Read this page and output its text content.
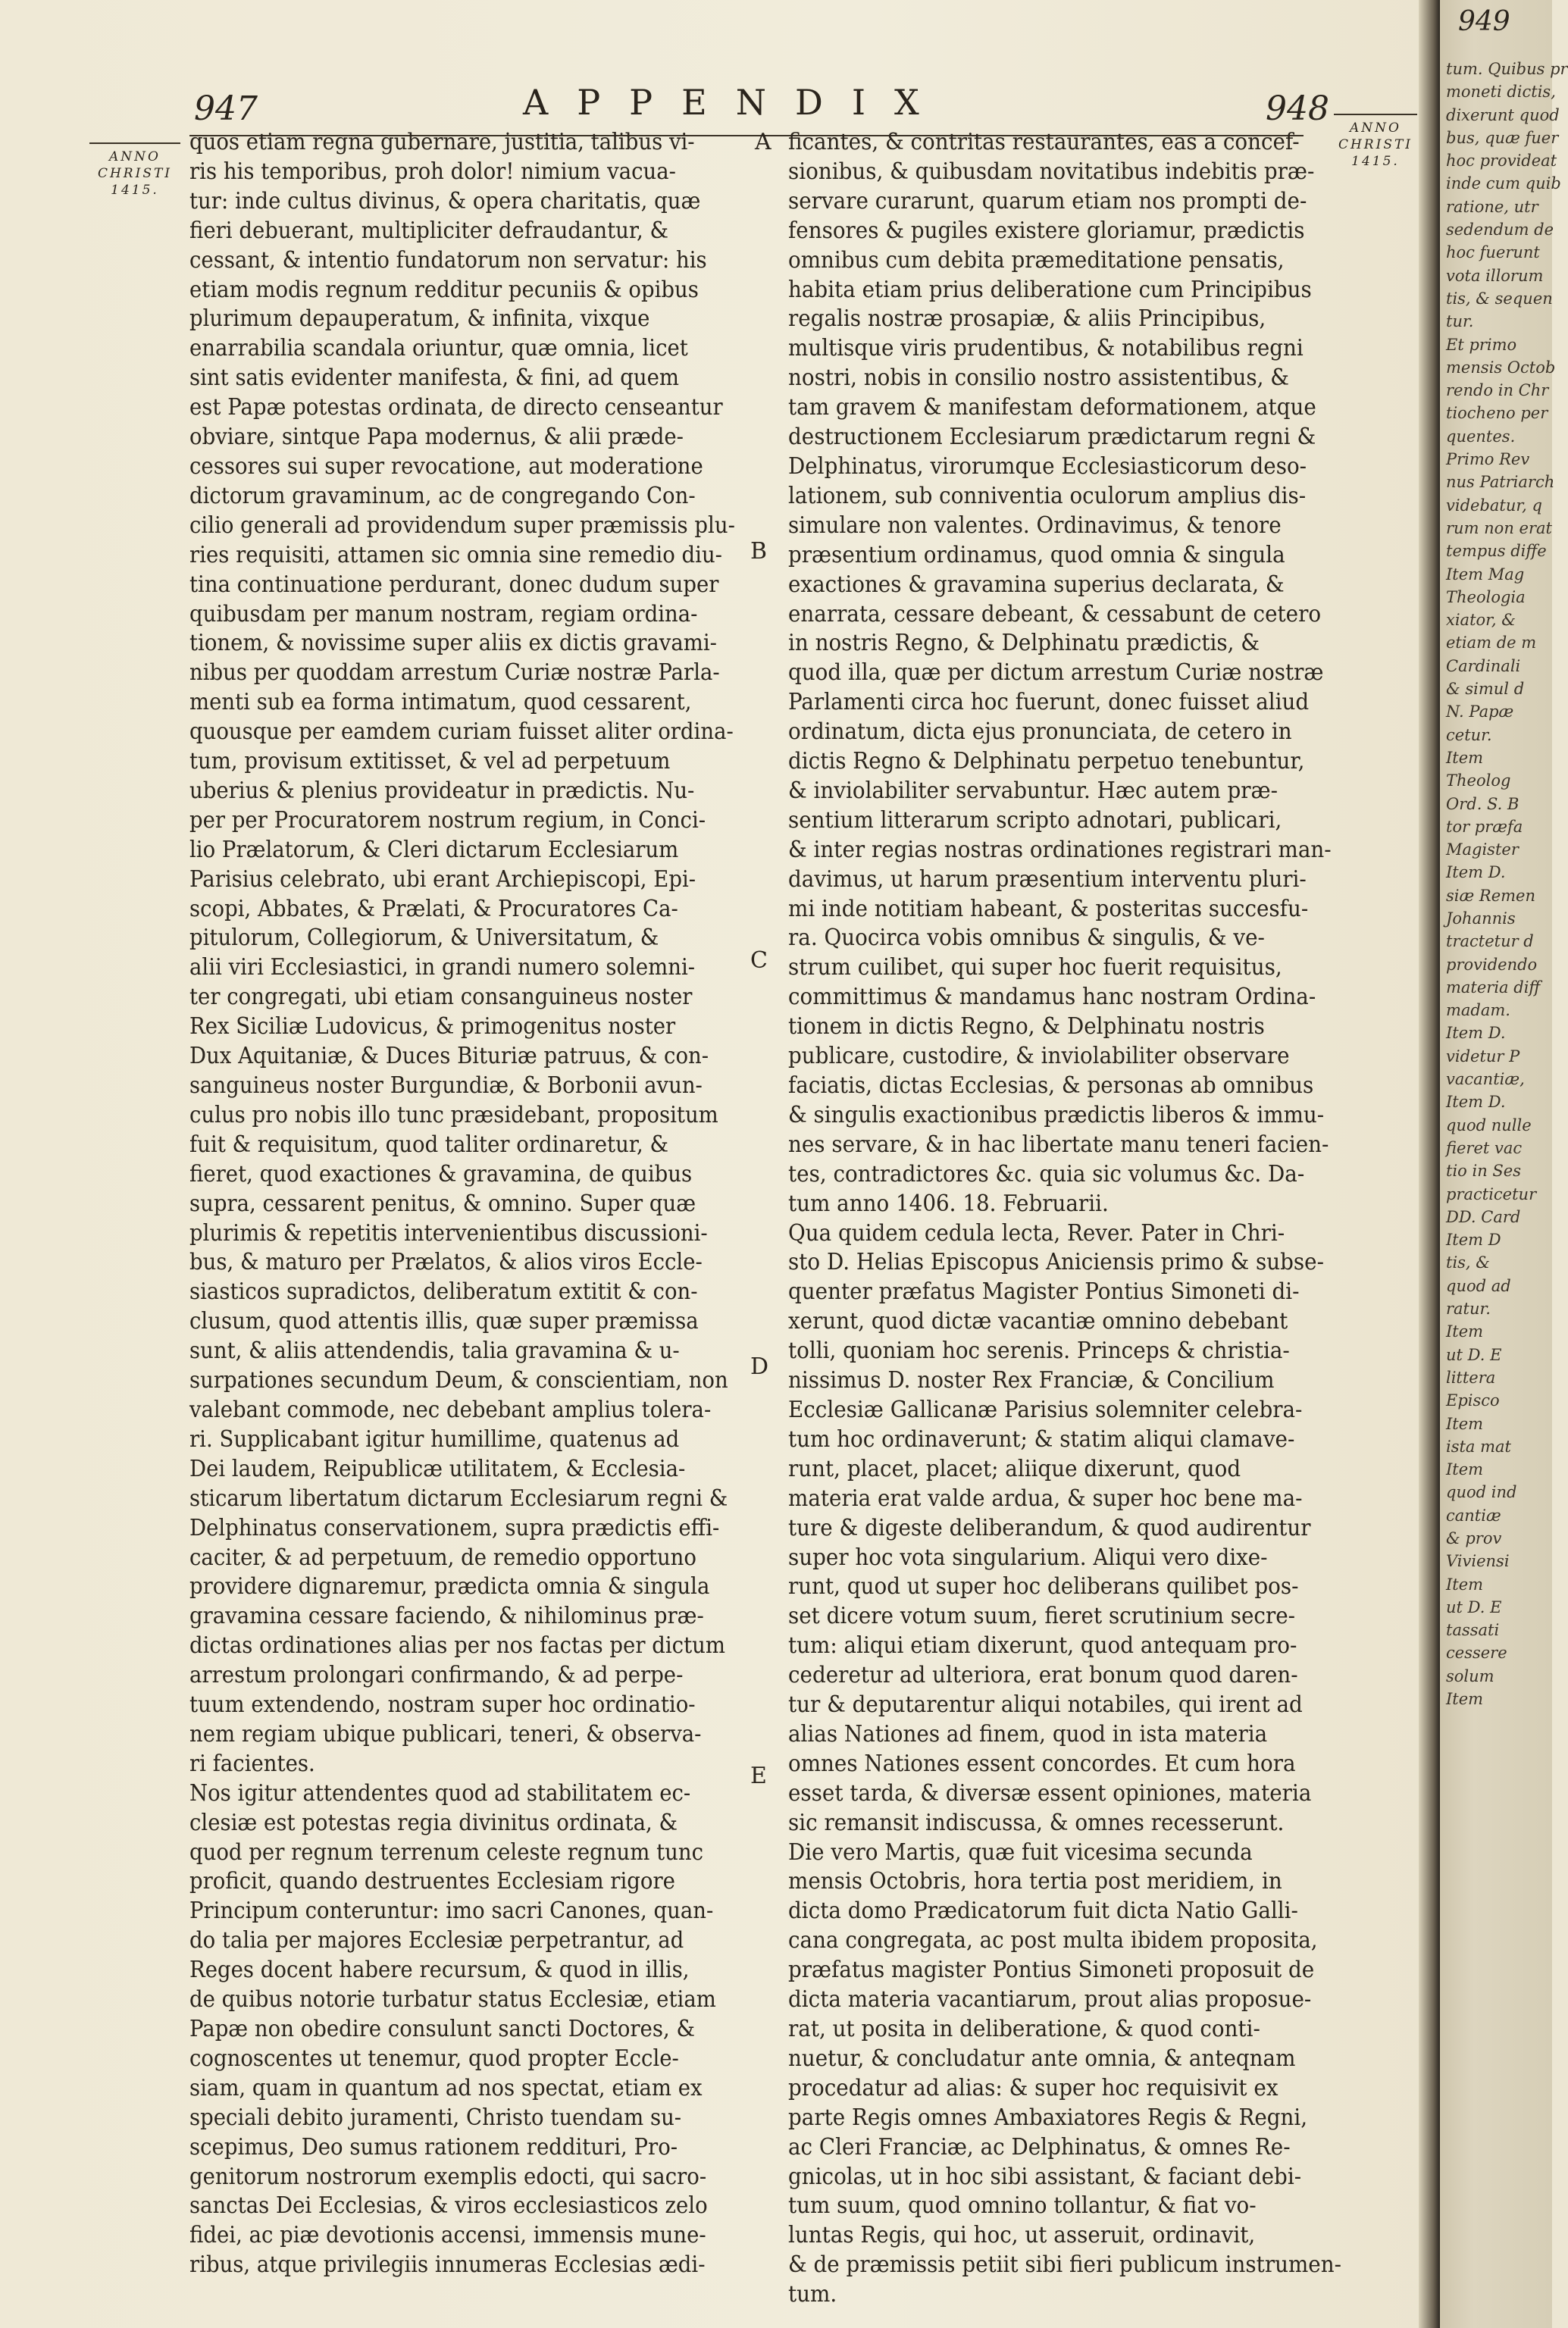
947	APPENDIX	948
ANNO
CHRISTI
1415.
ANNO
CHRISTI
1415.
A
B
C
D
E
quos etiam regna gubernare, justitia, talibus vi-
ris his temporibus, proh dolor! nimium vacua-
tur: inde cultus divinus, & opera charitatis, quæ
fieri debuerant, multipliciter defraudantur, &
cessant, & intentio fundatorum non servatur: his
etiam modis regnum redditur pecuniis & opibus
plurimum depauperatum, & infinita, vixque
enarrabilia scandala oriuntur, quæ omnia, licet
sint satis evidenter manifesta, & fini, ad quem
est Papæ potestas ordinata, de directo censeantur
obviare, sintque Papa modernus, & alii præde-
cessores sui super revocatione, aut moderatione
dictorum gravaminum, ac de congregando Con-
cilio generali ad providendum super præmissis plu-
ries requisiti, attamen sic omnia sine remedio diu-
tina continuatione perdurant, donec dudum super
quibusdam per manum nostram, regiam ordina-
tionem, & novissime super aliis ex dictis gravami-
nibus per quoddam arrestum Curiæ nostræ Parla-
menti sub ea forma intimatum, quod cessarent,
quousque per eamdem curiam fuisset aliter ordina-
tum, provisum extitisset, & vel ad perpetuum
uberius & plenius provideatur in prædictis. Nu-
per per Procuratorem nostrum regium, in Conci-
lio Prælatorum, & Cleri dictarum Ecclesiarum
Parisius celebrato, ubi erant Archiepiscopi, Epi-
scopi, Abbates, & Prælati, & Procuratores Ca-
pitulorum, Collegiorum, & Universitatum, &
alii viri Ecclesiastici, in grandi numero solemni-
ter congregati, ubi etiam consanguineus noster
Rex Siciliæ Ludovicus, & primogenitus noster
Dux Aquitaniæ, & Duces Bituriæ patruus, & con-
sanguineus noster Burgundiæ, & Borbonii avun-
culus pro nobis illo tunc præsidebant, propositum
fuit & requisitum, quod taliter ordinaretur, &
fieret, quod exactiones & gravamina, de quibus
supra, cessarent penitus, & omnino. Super quæ
plurimis & repetitis intervenientibus discussioni-
bus, & maturo per Prælatos, & alios viros Eccle-
siasticos supradictos, deliberatum extitit & con-
clusum, quod attentis illis, quæ super præmissa
sunt, & aliis attendendis, talia gravamina & u-
surpationes secundum Deum, & conscientiam, non
valebant commode, nec debebant amplius tolera-
ri. Supplicabant igitur humillime, quatenus ad
Dei laudem, Reipublicæ utilitatem, & Ecclesia-
sticarum libertatum dictarum Ecclesiarum regni &
Delphinatus conservationem, supra prædictis effi-
caciter, & ad perpetuum, de remedio opportuno
providere dignaremur, prædicta omnia & singula
gravamina cessare faciendo, & nihilominus præ-
dictas ordinationes alias per nos factas per dictum
arrestum prolongari confirmando, & ad perpe-
tuum extendendo, nostram super hoc ordinatio-
nem regiam ubique publicari, teneri, & observa-
ri facientes.
Nos igitur attendentes quod ad stabilitatem ec-
clesiæ est potestas regia divinitus ordinata, &
quod per regnum terrenum celeste regnum tunc
proficit, quando destruentes Ecclesiam rigore
Principum conteruntur: imo sacri Canones, quan-
do talia per majores Ecclesiæ perpetrantur, ad
Reges docent habere recursum, & quod in illis,
de quibus notorie turbatur status Ecclesiæ, etiam
Papæ non obedire consulunt sancti Doctores, &
cognoscentes ut tenemur, quod propter Eccle-
siam, quam in quantum ad nos spectat, etiam ex
speciali debito juramenti, Christo tuendam su-
scepimus, Deo sumus rationem reddituri, Pro-
genitorum nostrorum exemplis edocti, qui sacro-
sanctas Dei Ecclesias, & viros ecclesiasticos zelo
fidei, ac piæ devotionis accensi, immensis mune-
ribus, atque privilegiis innumeras Ecclesias ædi-
ficantes, & contritas restaurantes, eas a concef-
sionibus, & quibusdam novitatibus indebitis præ-
servare curarunt, quarum etiam nos prompti de-
fensores & pugiles existere gloriamur, prædictis
omnibus cum debita præmeditatione pensatis,
habita etiam prius deliberatione cum Principibus
regalis nostræ prosapiæ, & aliis Principibus,
multisque viris prudentibus, & notabilibus regni
nostri, nobis in consilio nostro assistentibus, &
tam gravem & manifestam deformationem, atque
destructionem Ecclesiarum prædictarum regni &
Delphinatus, virorumque Ecclesiasticorum deso-
lationem, sub conniventia oculorum amplius dis-
simulare non valentes. Ordinavimus, & tenore
præsentium ordinamus, quod omnia & singula
exactiones & gravamina superius declarata, &
enarrata, cessare debeant, & cessabunt de cetero
in nostris Regno, & Delphinatu prædictis, &
quod illa, quæ per dictum arrestum Curiæ nostræ
Parlamenti circa hoc fuerunt, donec fuisset aliud
ordinatum, dicta ejus pronunciata, de cetero in
dictis Regno & Delphinatu perpetuo tenebuntur,
& inviolabiliter servabuntur. Hæc autem præ-
sentium litterarum scripto adnotari, publicari,
& inter regias nostras ordinationes registrari man-
davimus, ut harum præsentium interventu pluri-
mi inde notitiam habeant, & posteritas succesfu-
ra. Quocirca vobis omnibus & singulis, & ve-
strum cuilibet, qui super hoc fuerit requisitus,
committimus & mandamus hanc nostram Ordina-
tionem in dictis Regno, & Delphinatu nostris
publicare, custodire, & inviolabiliter observare
faciatis, dictas Ecclesias, & personas ab omnibus
& singulis exactionibus prædictis liberos & immu-
nes servare, & in hac libertate manu teneri facien-
tes, contradictores &c. quia sic volumus &c. Da-
tum anno 1406. 18. Februarii.
Qua quidem cedula lecta, Rever. Pater in Chri-
sto D. Helias Episcopus Aniciensis primo & subse-
quenter præfatus Magister Pontius Simoneti di-
xerunt, quod dictæ vacantiæ omnino debebant
tolli, quoniam hoc serenis. Princeps & christia-
nissimus D. noster Rex Franciæ, & Concilium
Ecclesiæ Gallicanæ Parisius solemniter celebra-
tum hoc ordinaverunt; & statim aliqui clamave-
runt, placet, placet; aliique dixerunt, quod
materia erat valde ardua, & super hoc bene ma-
ture & digeste deliberandum, & quod audirentur
super hoc vota singularium. Aliqui vero dixe-
runt, quod ut super hoc deliberans quilibet pos-
set dicere votum suum, fieret scrutinium secre-
tum: aliqui etiam dixerunt, quod antequam pro-
cederetur ad ulteriora, erat bonum quod daren-
tur & deputarentur aliqui notabiles, qui irent ad
alias Nationes ad finem, quod in ista materia
omnes Nationes essent concordes. Et cum hora
esset tarda, & diversæ essent opiniones, materia
sic remansit indiscussa, & omnes recesserunt.
Die vero Martis, quæ fuit vicesima secunda
mensis Octobris, hora tertia post meridiem, in
dicta domo Prædicatorum fuit dicta Natio Galli-
cana congregata, ac post multa ibidem proposita,
præfatus magister Pontius Simoneti proposuit de
dicta materia vacantiarum, prout alias proposue-
rat, ut posita in deliberatione, & quod conti-
nuetur, & concludatur ante omnia, & anteqnam
procedatur ad alias: & super hoc requisivit ex
parte Regis omnes Ambaxiatores Regis & Regni,
ac Cleri Franciæ, ac Delphinatus, & omnes Re-
gnicolas, ut in hoc sibi assistant, & faciant debi-
tum suum, quod omnino tollantur, & fiat vo-
luntas Regis, qui hoc, ut asseruit, ordinavit,
& de præmissis petiit sibi fieri publicum instrumen-
tum.
949
tum. Quibus pr
moneti dictis,
dixerunt quod
bus, quæ fuer
hoc provideat
inde cum quib
ratione, utr
sedendum de
hoc fuerunt
vota illorum
tis, & sequen
tur.
Et primo
mensis Octob
rendo in Chr
tiocheno per
quentes.
Primo Rev
nus Patriarch
videbatur, q
rum non erat
tempus diffe
Item Mag
Theologia
xiator, &
etiam de m
Cardinali
& simul d
N. Papæ
cetur.
Item
Theolog
Ord. S. B
tor præfa
Magister
Item D.
siæ Remen
Johannis
tractetur d
providendo
materia diff
madam.
Item D.
videtur P
vacantiæ,
Item D.
quod nulle
fieret vac
tio in Ses
practicetur
DD. Card
Item D
tis, &
quod ad
ratur.
Item
ut D. E
littera
Episco
Item
ista mat
Item
quod ind
cantiæ
& prov
Viviensi
Item
ut D. E
tassati
cessere
solum
Item
